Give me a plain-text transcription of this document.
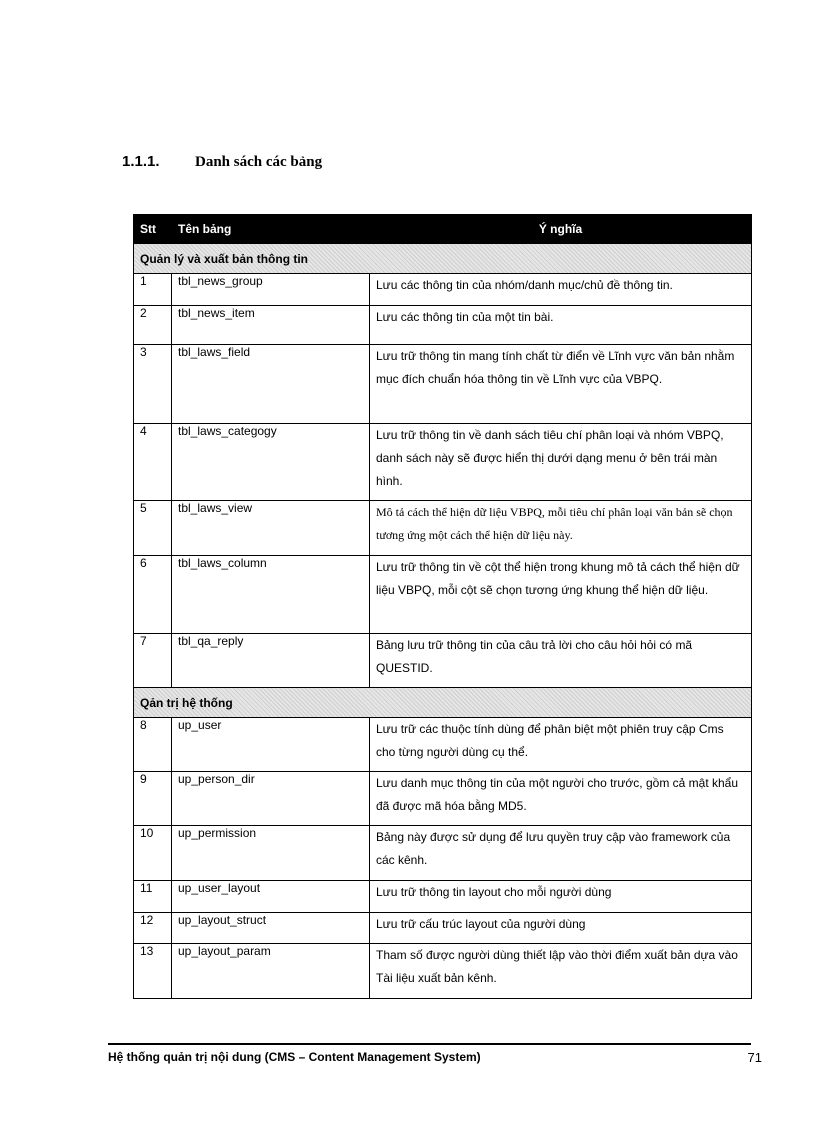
1.1.1. Danh sách các bảng
Stt	Tên bảng	Ý nghĩa
Quản lý và xuất bản thông tin		
1	tbl_news_group	Lưu các thông tin của nhóm/danh mục/chủ đề thông tin.
2	tbl_news_item	Lưu các thông tin của một tin bài.
3	tbl_laws_field	Lưu trữ thông tin mang tính chất từ điển về Lĩnh vực văn bản nhằm mục đích chuẩn hóa thông tin về Lĩnh vực của VBPQ.
4	tbl_laws_categogy	Lưu trữ thông tin về danh sách tiêu chí phân loại và nhóm VBPQ, danh sách này sẽ được hiển thị dưới dạng menu ở bên trái màn hình.
5	tbl_laws_view	Mô tả cách thể hiện dữ liệu VBPQ, mỗi tiêu chí phân loại văn bản sẽ chọn tương ứng một cách thể hiện dữ liệu này.
6	tbl_laws_column	Lưu trữ thông tin về cột thể hiện trong khung mô tả cách thể hiện dữ liệu VBPQ, mỗi cột sẽ chọn tương ứng khung thể hiện dữ liệu.
7	tbl_qa_reply	Bảng lưu trữ thông tin của câu trả lời cho câu hỏi hỏi có mã QUESTID.
Qản trị hệ thống		
8	up_user	Lưu trữ các thuộc tính dùng để phân biệt một phiên truy cập Cms cho từng người dùng cụ thể.
9	up_person_dir	Lưu danh mục thông tin của một người cho trước, gồm cả mật khẩu đã được mã hóa bằng MD5.
10	up_permission	Bảng này được sử dụng để lưu quyền truy cập vào framework của các kênh.
11	up_user_layout	Lưu trữ thông tin layout cho mỗi người dùng
12	up_layout_struct	Lưu trữ cấu trúc layout của người dùng
13	up_layout_param	Tham số được người dùng thiết lập vào thời điểm xuất bản dựa vào Tài liệu xuất bản kênh.
Hệ thống quản trị nội dung (CMS – Content Management System)	71
